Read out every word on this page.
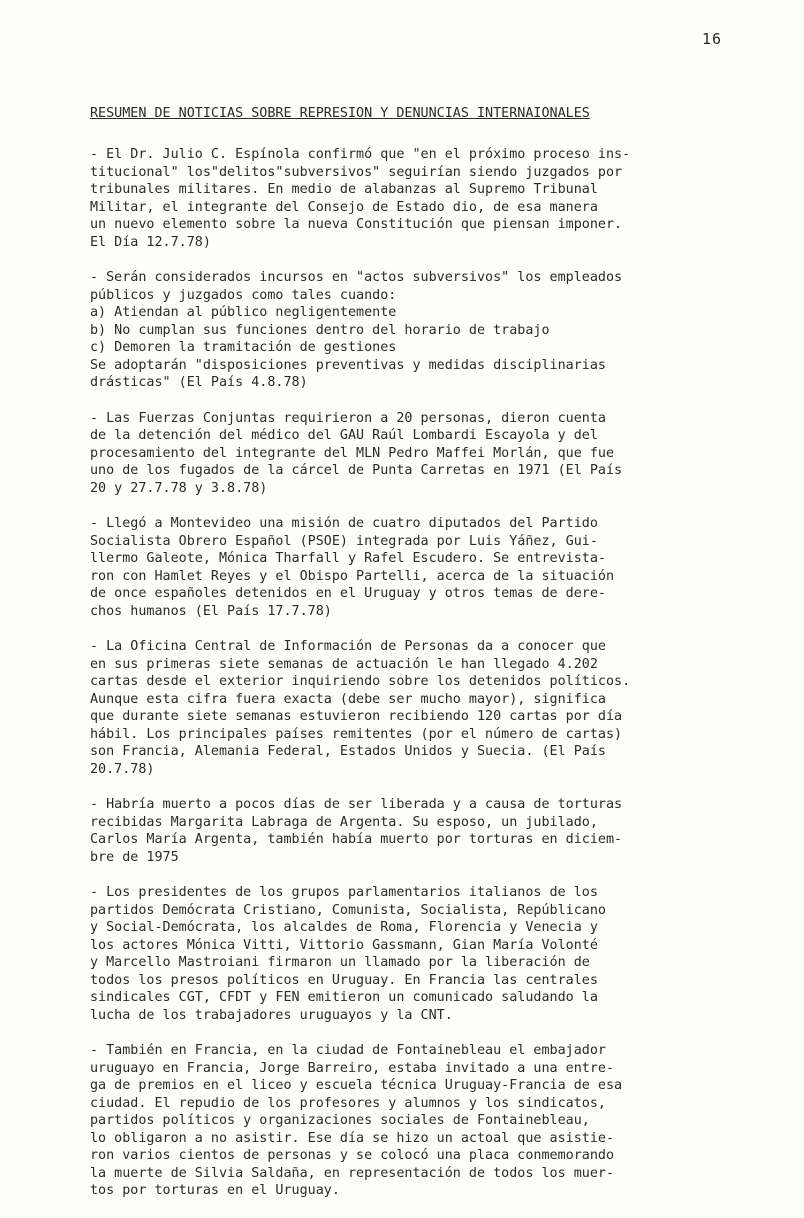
16
RESUMEN DE NOTICIAS SOBRE REPRESION Y DENUNCIAS INTERNAIONALES
- El Dr. Julio C. Espínola confirmó que "en el próximo proceso ins-
titucional" los"delitos"subversivos" seguirían siendo juzgados por
tribunales militares. En medio de alabanzas al Supremo Tribunal
Militar, el integrante del Consejo de Estado dio, de esa manera
un nuevo elemento sobre la nueva Constitución que piensan imponer.
El Día 12.7.78)
- Serán considerados incursos en "actos subversivos" los empleados
públicos y juzgados como tales cuando:
a) Atiendan al público negligentemente
b) No cumplan sus funciones dentro del horario de trabajo
c) Demoren la tramitación de gestiones
Se adoptarán "disposiciones preventivas y medidas disciplinarias
drásticas" (El País 4.8.78)
- Las Fuerzas Conjuntas requirieron a 20 personas, dieron cuenta
de la detención del médico del GAU Raúl Lombardi Escayola y del
procesamiento del integrante del MLN Pedro Maffei Morlán, que fue
uno de los fugados de la cárcel de Punta Carretas en 1971 (El País
20 y 27.7.78 y 3.8.78)
- Llegó a Montevideo una misión de cuatro diputados del Partido
Socialista Obrero Español (PSOE) integrada por Luis Yáñez, Gui-
llermo Galeote, Mónica Tharfall y Rafel Escudero. Se entrevista-
ron con Hamlet Reyes y el Obispo Partelli, acerca de la situación
de once españoles detenidos en el Uruguay y otros temas de dere-
chos humanos (El País 17.7.78)
- La Oficina Central de Información de Personas da a conocer que
en sus primeras siete semanas de actuación le han llegado 4.202
cartas desde el exterior inquiriendo sobre los detenidos políticos.
Aunque esta cifra fuera exacta (debe ser mucho mayor), significa
que durante siete semanas estuvieron recibiendo 120 cartas por día
hábil. Los principales países remitentes (por el número de cartas)
son Francia, Alemania Federal, Estados Unidos y Suecia. (El País
20.7.78)
- Habría muerto a pocos días de ser liberada y a causa de torturas
recibidas Margarita Labraga de Argenta. Su esposo, un jubilado,
Carlos María Argenta, también había muerto por torturas en diciem-
bre de 1975
- Los presidentes de los grupos parlamentarios italianos de los
partidos Demócrata Cristiano, Comunista, Socialista, Repúblicano
y Social-Demócrata, los alcaldes de Roma, Florencia y Venecia y
los actores Mónica Vitti, Vittorio Gassmann, Gian María Volonté
y Marcello Mastroiani firmaron un llamado por la liberación de
todos los presos políticos en Uruguay. En Francia las centrales
sindicales CGT, CFDT y FEN emitieron un comunicado saludando la
lucha de los trabajadores uruguayos y la CNT.
- También en Francia, en la ciudad de Fontainebleau el embajador
uruguayo en Francia, Jorge Barreiro, estaba invitado a una entre-
ga de premios en el liceo y escuela técnica Uruguay-Francia de esa
ciudad. El repudio de los profesores y alumnos y los sindicatos,
partidos políticos y organizaciones sociales de Fontainebleau,
lo obligaron a no asistir. Ese día se hizo un actoal que asistie-
ron varios cientos de personas y se colocó una placa conmemorando
la muerte de Silvia Saldaña, en representación de todos los muer-
tos por torturas en el Uruguay.
